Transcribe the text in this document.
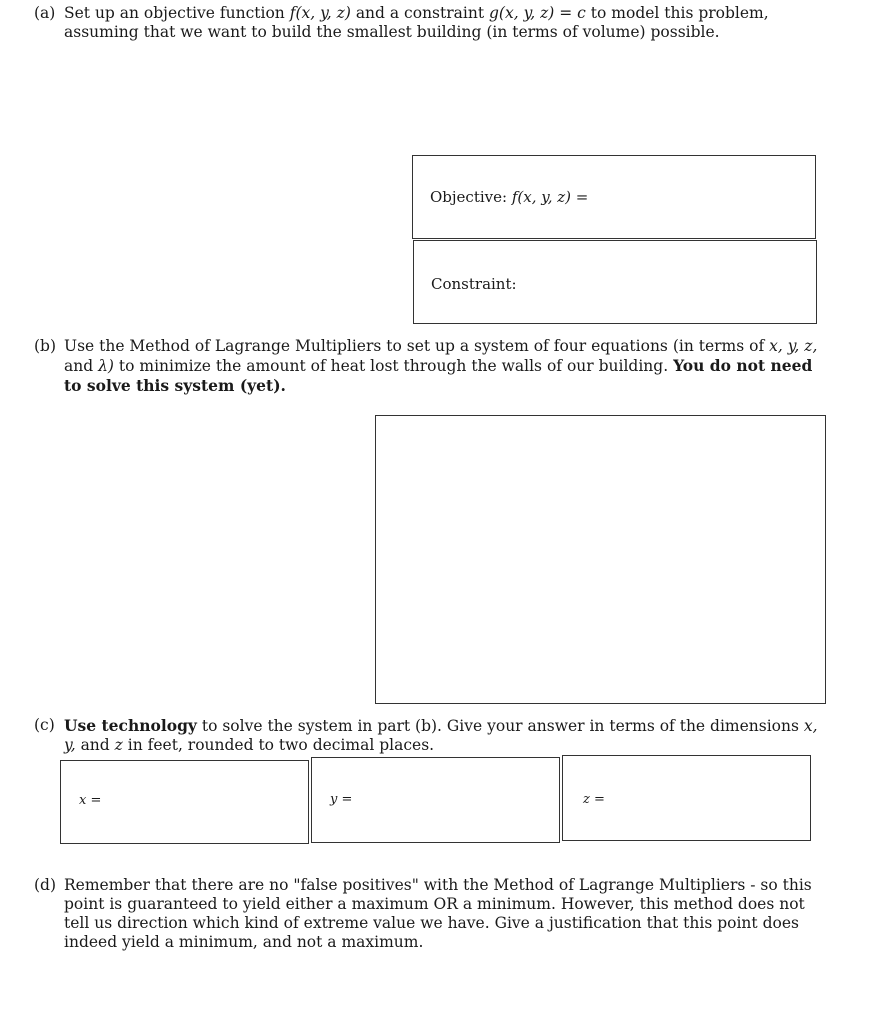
(a) Set up an objective function f(x, y, z) and a constraint g(x, y, z) = c to model this problem, assuming that we want to build the smallest building (in terms of volume) possible.
Objective: f(x, y, z) =
Constraint:
(b) Use the Method of Lagrange Multipliers to set up a system of four equations (in terms of x, y, z, and λ) to minimize the amount of heat lost through the walls of our building. You do not need to solve this system (yet).
(c) Use technology to solve the system in part (b). Give your answer in terms of the dimensions x, y, and z in feet, rounded to two decimal places.
x =	y =	z =
(d) Remember that there are no "false positives" with the Method of Lagrange Multipliers - so this point is guaranteed to yield either a maximum OR a minimum. However, this method does not tell us direction which kind of extreme value we have. Give a justification that this point does indeed yield a minimum, and not a maximum.
